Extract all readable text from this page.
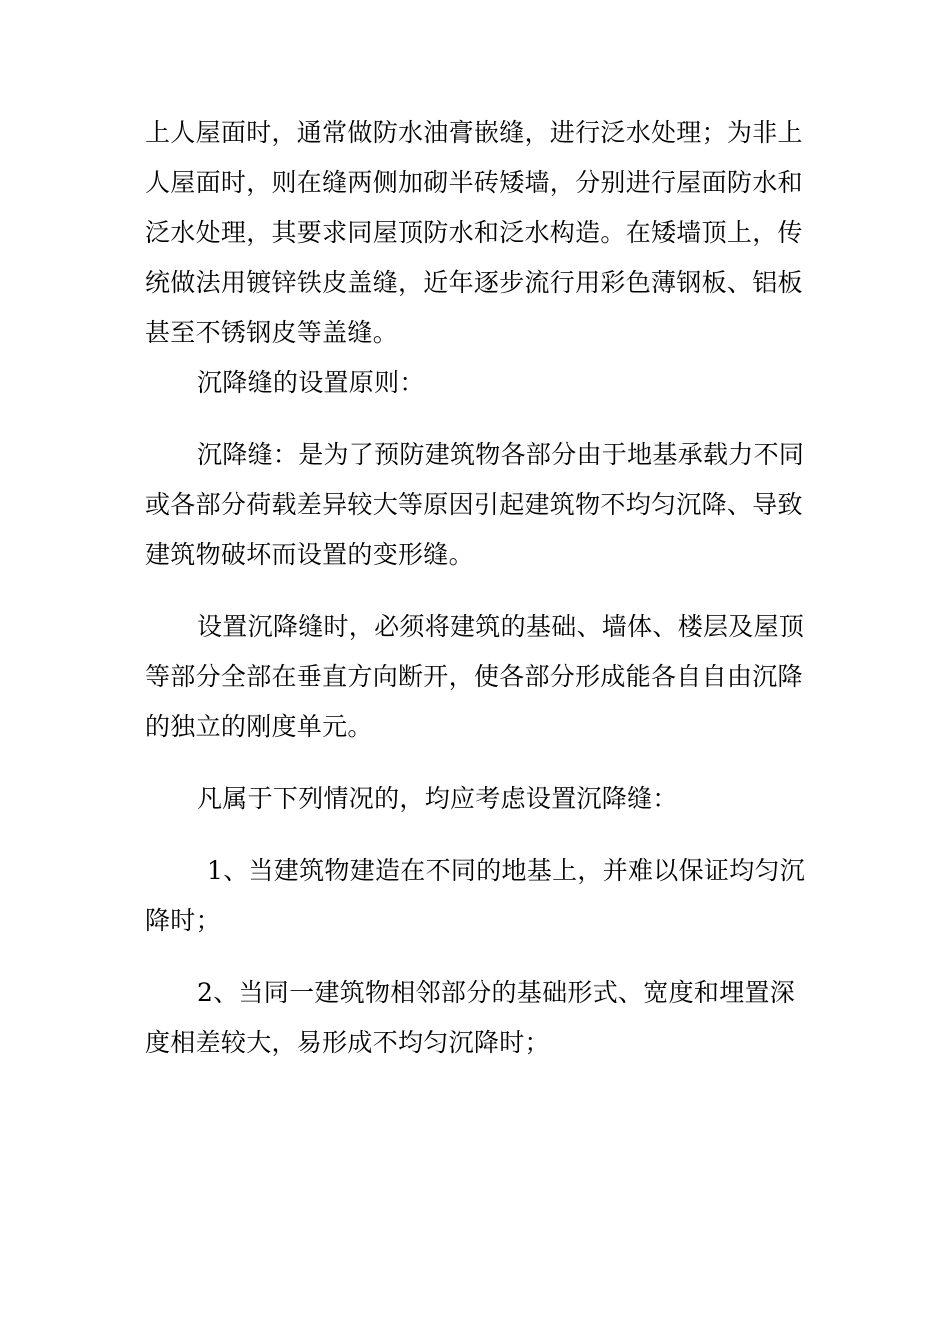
上人屋面时，通常做防水油膏嵌缝，进行泛水处理；为非上人屋面时，则在缝两侧加砌半砖矮墙，分别进行屋面防水和泛水处理，其要求同屋顶防水和泛水构造。在矮墙顶上，传统做法用镀锌铁皮盖缝，近年逐步流行用彩色薄钢板、铝板甚至不锈钢皮等盖缝。

沉降缝的设置原则：

沉降缝：是为了预防建筑物各部分由于地基承载力不同或各部分荷载差异较大等原因引起建筑物不均匀沉降、导致建筑物破坏而设置的变形缝。

设置沉降缝时，必须将建筑的基础、墙体、楼层及屋顶等部分全部在垂直方向断开，使各部分形成能各自自由沉降的独立的刚度单元。

凡属于下列情况的，均应考虑设置沉降缝：

1、当建筑物建造在不同的地基上，并难以保证均匀沉降时；

2、当同一建筑物相邻部分的基础形式、宽度和埋置深度相差较大，易形成不均匀沉降时；
